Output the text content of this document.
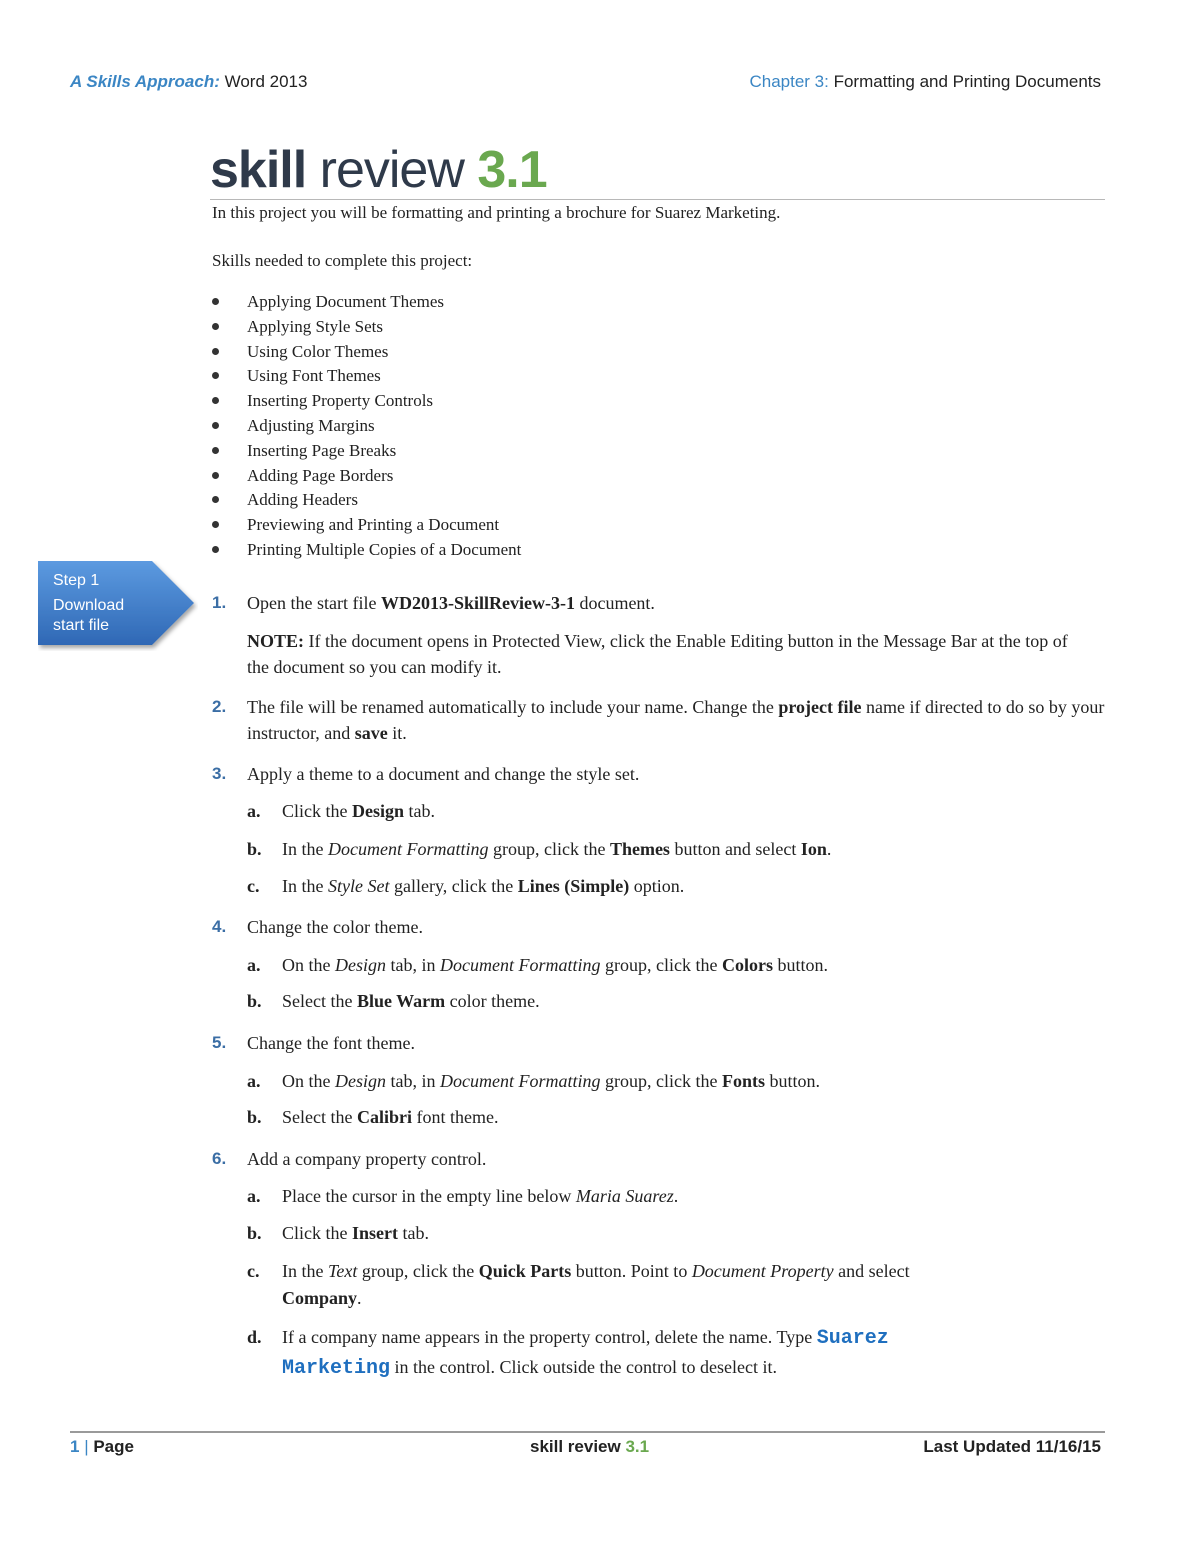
A Skills Approach: Word 2013	Chapter 3: Formatting and Printing Documents
skill review 3.1
In this project you will be formatting and printing a brochure for Suarez Marketing.
Skills needed to complete this project:
Applying Document Themes
Applying Style Sets
Using Color Themes
Using Font Themes
Inserting Property Controls
Adjusting Margins
Inserting Page Breaks
Adding Page Borders
Adding Headers
Previewing and Printing a Document
Printing Multiple Copies of a Document
Step 1
Download
start file
1. Open the start file WD2013-SkillReview-3-1 document.
NOTE: If the document opens in Protected View, click the Enable Editing button in the Message Bar at the top of the document so you can modify it.
2. The file will be renamed automatically to include your name. Change the project file name if directed to do so by your instructor, and save it.
3. Apply a theme to a document and change the style set.
a. Click the Design tab.
b. In the Document Formatting group, click the Themes button and select Ion.
c. In the Style Set gallery, click the Lines (Simple) option.
4. Change the color theme.
a. On the Design tab, in Document Formatting group, click the Colors button.
b. Select the Blue Warm color theme.
5. Change the font theme.
a. On the Design tab, in Document Formatting group, click the Fonts button.
b. Select the Calibri font theme.
6. Add a company property control.
a. Place the cursor in the empty line below Maria Suarez.
b. Click the Insert tab.
c. In the Text group, click the Quick Parts button. Point to Document Property and select Company.
d. If a company name appears in the property control, delete the name. Type Suarez Marketing in the control. Click outside the control to deselect it.
1 | Page	skill review 3.1	Last Updated 11/16/15
